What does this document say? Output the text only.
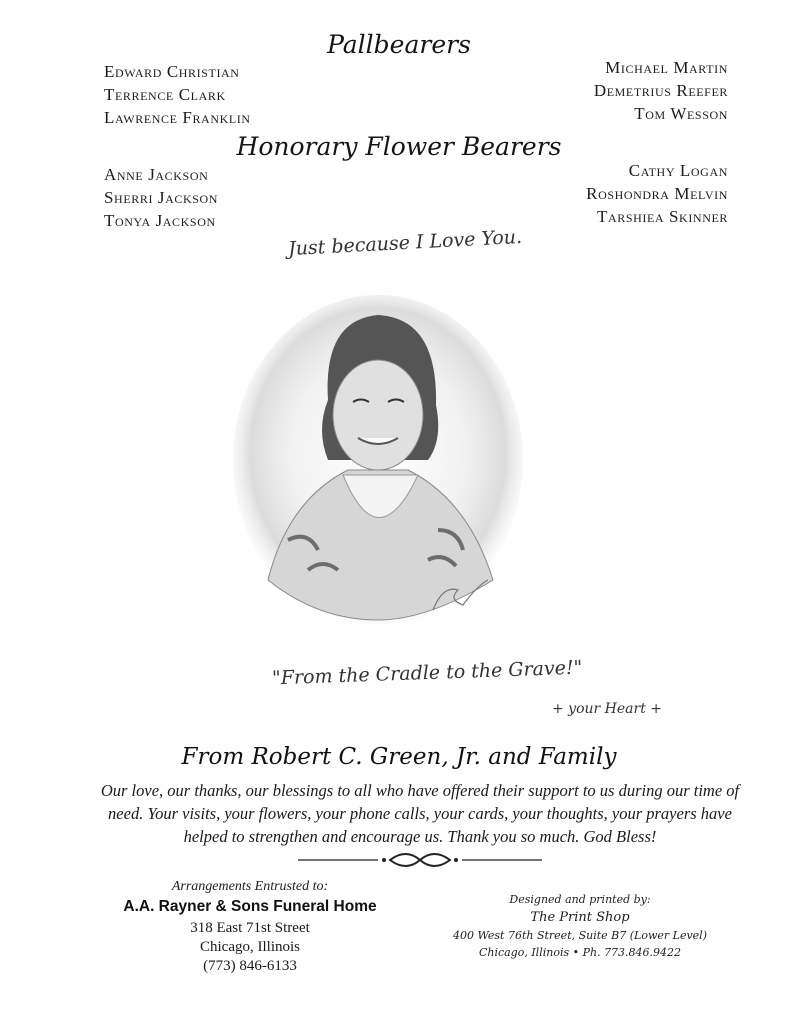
Pallbearers
Edward Christian
Terrence Clark
Lawrence Franklin
Michael Martin
Demetrius Reefer
Tom Wesson
Honorary Flower Bearers
Anne Jackson
Sherri Jackson
Tonya Jackson
Cathy Logan
Roshondra Melvin
Tarshiea Skinner
Just because I Love You.
"From the Cradle to the Grave!"
+ your Heart +
From Robert C. Green, Jr. and Family
Our love, our thanks, our blessings to all who have offered their support to us during our time of need. Your visits, your flowers, your phone calls, your cards, your thoughts, your prayers have helped to strengthen and encourage us. Thank you so much. God Bless!
Arrangements Entrusted to:
A.A. Rayner & Sons Funeral Home
318 East 71st Street
Chicago, Illinois
(773) 846-6133
Designed and printed by:
The Print Shop
400 West 76th Street, Suite B7 (Lower Level)
Chicago, Illinois • Ph. 773.846.9422
